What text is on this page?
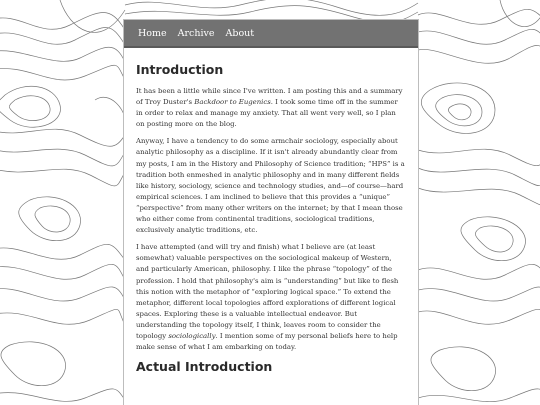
Home Archive About
Introduction

It has been a little while since I've written. I am posting this and a summary of Troy Duster's Backdoor to Eugenics. I took some time off in the summer in order to relax and manage my anxiety. That all went very well, so I plan on posting more on the blog.

Anyway, I have a tendency to do some armchair sociology, especially about analytic philosophy as a discipline. If it isn't already abundantly clear from my posts, I am in the History and Philosophy of Science tradition; “HPS” is a tradition both enmeshed in analytic philosophy and in many different fields like history, sociology, science and technology studies, and—of course—hard empirical sciences. I am inclined to believe that this provides a “unique” “perspective” from many other writers on the internet; by that I mean those who either come from continental traditions, sociological traditions, exclusively analytic traditions, etc.

I have attempted (and will try and finish) what I believe are (at least somewhat) valuable perspectives on the sociological makeup of Western, and particularly American, philosophy. I like the phrase “topology” of the profession. I hold that philosophy's aim is “understanding” but like to flesh this notion with the metaphor of “exploring logical space.” To extend the metaphor, different local topologies afford explorations of different logical spaces. Exploring these is a valuable intellectual endeavor. But understanding the topology itself, I think, leaves room to consider the topology sociologically. I mention some of my personal beliefs here to help make sense of what I am embarking on today.

Actual Introduction
